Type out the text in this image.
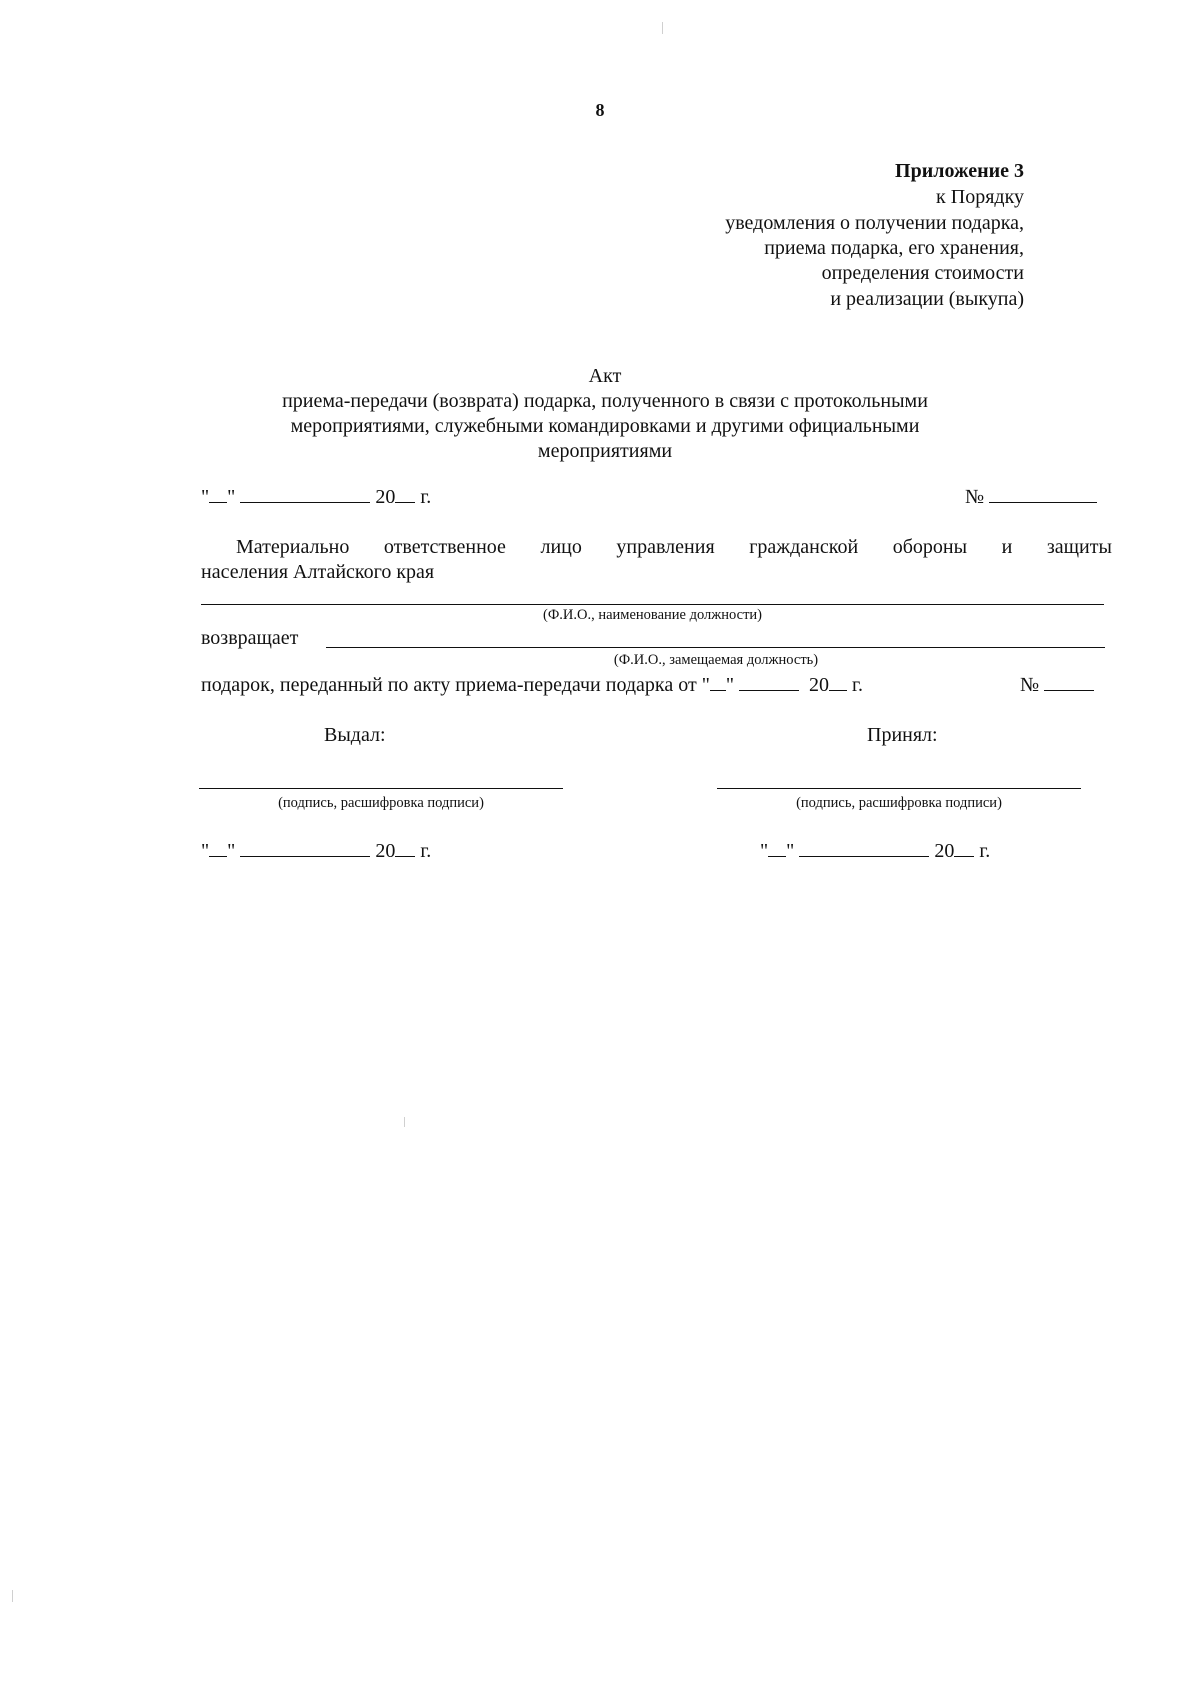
8
Приложение 3
к Порядку
уведомления о получении подарка,
приема подарка, его хранения,
определения стоимости
и реализации (выкупа)
Акт
приема-передачи (возврата) подарка, полученного в связи с протокольными
мероприятиями, служебными командировками и другими официальными
мероприятиями
" "	20 г.	№
Материально ответственное лицо управления гражданской обороны и защиты
населения Алтайского края
(Ф.И.О., наименование должности)
возвращает
(Ф.И.О., замещаемая должность)
подарок, переданный по акту приема-передачи подарка от " "	20 г.	№
Выдал:	Принял:
(подпись, расшифровка подписи)	(подпись, расшифровка подписи)
" "	20 г.	" "	20 г.
